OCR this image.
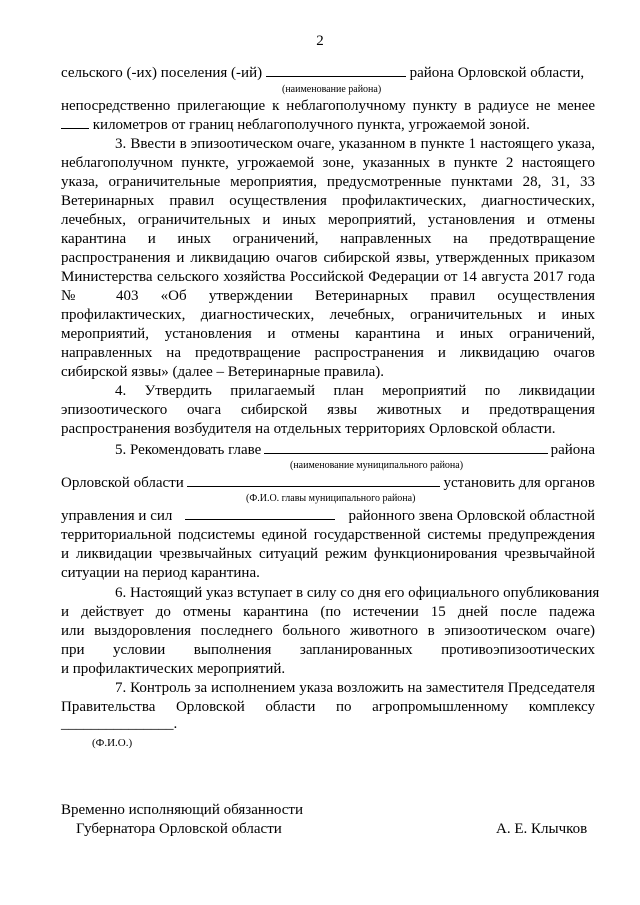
2
сельского (-их) поселения (-ий)	района Орловской области,
(наименование района)
непосредственно прилегающие к неблагополучному пункту в радиусе не менее
километров от границ неблагополучного пункта, угрожаемой зоной.
3. Ввести в эпизоотическом очаге, указанном в пункте 1 настоящего указа,
неблагополучном пункте, угрожаемой зоне, указанных в пункте 2 настоящего
указа, ограничительные мероприятия, предусмотренные пунктами 28, 31, 33
Ветеринарных правил осуществления профилактических, диагностических,
лечебных, ограничительных и иных мероприятий, установления и отмены
карантина и иных ограничений, направленных на предотвращение
распространения и ликвидацию очагов сибирской язвы, утвержденных приказом
Министерства сельского хозяйства Российской Федерации от 14 августа 2017 года
№ 403 «Об утверждении Ветеринарных правил осуществления
профилактических, диагностических, лечебных, ограничительных и иных
мероприятий, установления и отмены карантина и иных ограничений,
направленных на предотвращение распространения и ликвидацию очагов
сибирской язвы» (далее – Ветеринарные правила).
4. Утвердить прилагаемый план мероприятий по ликвидации
эпизоотического очага сибирской язвы животных и предотвращения
распространения возбудителя на отдельных территориях Орловской области.
5. Рекомендовать главе	района
(наименование муниципального района)
Орловской области	установить для органов
(Ф.И.О. главы муниципального района)
управления и сил	районного звена Орловской областной
территориальной подсистемы единой государственной системы предупреждения
и ликвидации чрезвычайных ситуаций режим функционирования чрезвычайной
ситуации на период карантина.
6. Настоящий указ вступает в силу со дня его официального опубликования
и действует до отмены карантина (по истечении 15 дней после падежа
или выздоровления последнего больного животного в эпизоотическом очаге)
при условии выполнения запланированных противоэпизоотических
и профилактических мероприятий.
7. Контроль за исполнением указа возложить на заместителя Председателя
Правительства Орловской области по агропромышленному комплексу
_______________.
(Ф.И.О.)
Временно исполняющий обязанности
Губернатора Орловской области	А. Е. Клычков
